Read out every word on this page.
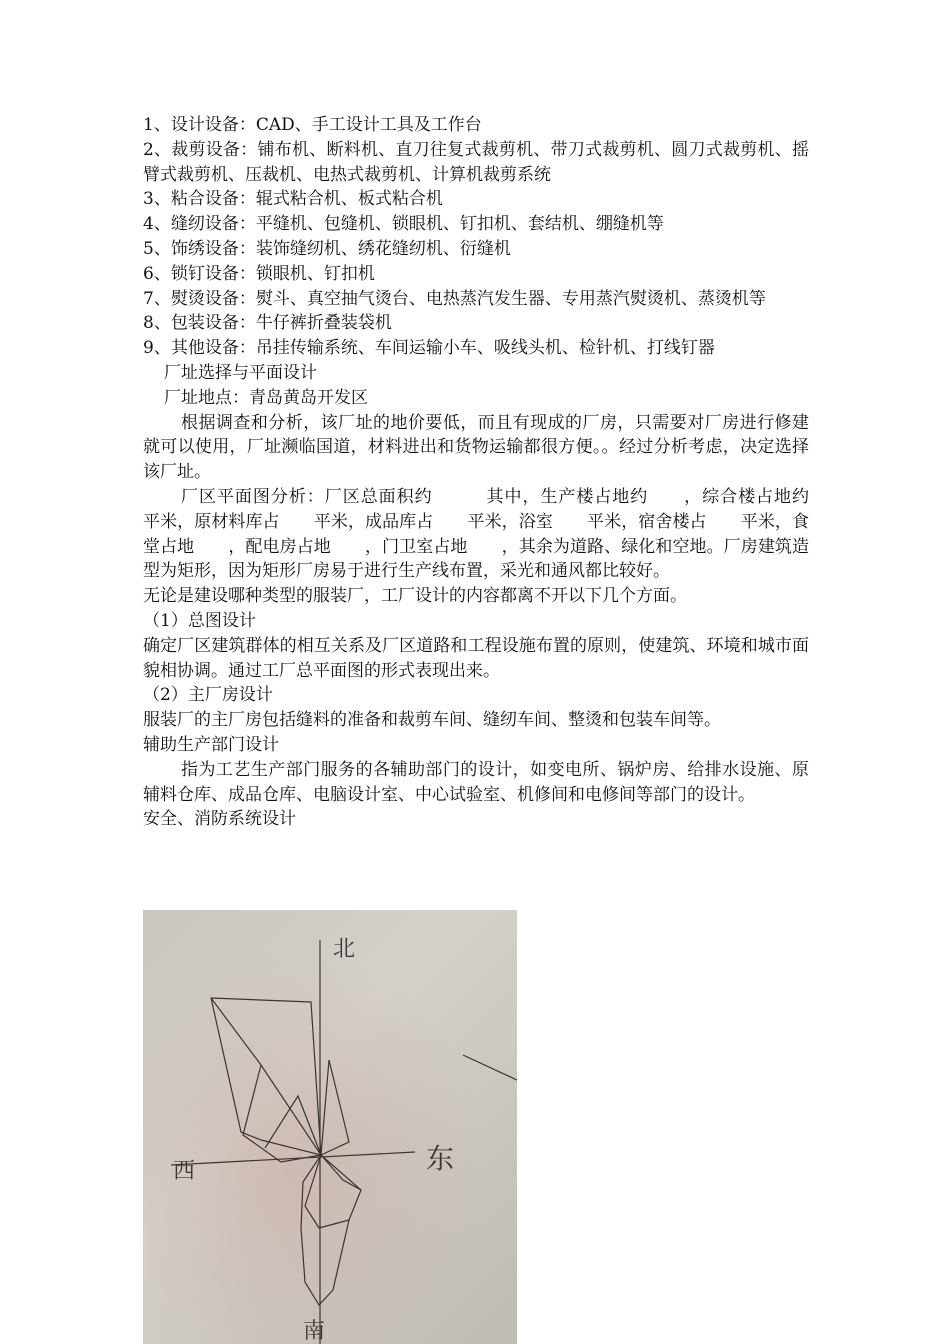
1、设计设备：CAD、手工设计工具及工作台

2、裁剪设备：铺布机、断料机、直刀往复式裁剪机、带刀式裁剪机、圆刀式裁剪机、摇臂式裁剪机、压裁机、电热式裁剪机、计算机裁剪系统

3、粘合设备：辊式粘合机、板式粘合机

4、缝纫设备：平缝机、包缝机、锁眼机、钉扣机、套结机、绷缝机等

5、饰绣设备：装饰缝纫机、绣花缝纫机、衍缝机

6、锁钉设备：锁眼机、钉扣机

7、熨烫设备：熨斗、真空抽气烫台、电热蒸汽发生器、专用蒸汽熨烫机、蒸烫机等

8、包装设备：牛仔裤折叠装袋机

9、其他设备：吊挂传输系统、车间运输小车、吸线头机、检针机、打线钉器

厂址选择与平面设计

厂址地点：青岛黄岛开发区

根据调查和分析，该厂址的地价要低，而且有现成的厂房，只需要对厂房进行修建就可以使用，厂址濒临国道，材料进出和货物运输都很方便。。经过分析考虑，决定选择该厂址。

厂区平面图分析：厂区总面积约　　　其中，生产楼占地约　　，综合楼占地约　　平米，原材料库占　　平米，成品库占　　平米，浴室　　平米，宿舍楼占　　平米，食堂占地　　，配电房占地　　，门卫室占地　　，其余为道路、绿化和空地。厂房建筑造型为矩形，因为矩形厂房易于进行生产线布置，采光和通风都比较好。

无论是建设哪种类型的服装厂，工厂设计的内容都离不开以下几个方面。

（1）总图设计

确定厂区建筑群体的相互关系及厂区道路和工程设施布置的原则，使建筑、环境和城市面貌相协调。通过工厂总平面图的形式表现出来。

（2）主厂房设计

服装厂的主厂房包括缝料的准备和裁剪车间、缝纫车间、整烫和包装车间等。

辅助生产部门设计

指为工艺生产部门服务的各辅助部门的设计，如变电所、锅炉房、给排水设施、原辅料仓库、成品仓库、电脑设计室、中心试验室、机修间和电修间等部门的设计。

安全、消防系统设计

北
东
西
南
